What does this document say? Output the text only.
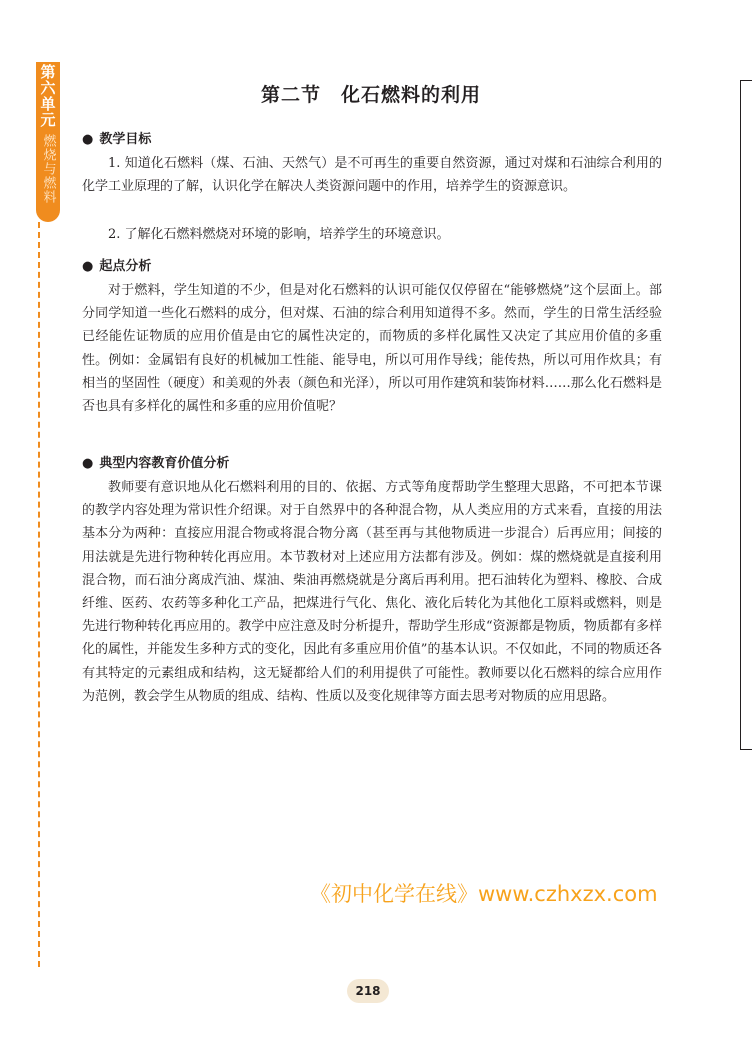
第六单元
燃烧与燃料
第二节　化石燃料的利用
● 教学目标

1. 知道化石燃料（煤、石油、天然气）是不可再生的重要自然资源，通过对煤和石油综合利用的化学工业原理的了解，认识化学在解决人类资源问题中的作用，培养学生的资源意识。

2. 了解化石燃料燃烧对环境的影响，培养学生的环境意识。

● 起点分析

对于燃料，学生知道的不少，但是对化石燃料的认识可能仅仅停留在“能够燃烧”这个层面上。部分同学知道一些化石燃料的成分，但对煤、石油的综合利用知道得不多。然而，学生的日常生活经验已经能佐证物质的应用价值是由它的属性决定的，而物质的多样化属性又决定了其应用价值的多重性。例如：金属铝有良好的机械加工性能、能导电，所以可用作导线；能传热，所以可用作炊具；有相当的坚固性（硬度）和美观的外表（颜色和光泽），所以可用作建筑和装饰材料……那么化石燃料是否也具有多样化的属性和多重的应用价值呢？

● 典型内容教育价值分析

教师要有意识地从化石燃料利用的目的、依据、方式等角度帮助学生整理大思路，不可把本节课的教学内容处理为常识性介绍课。对于自然界中的各种混合物，从人类应用的方式来看，直接的用法基本分为两种：直接应用混合物或将混合物分离（甚至再与其他物质进一步混合）后再应用；间接的用法就是先进行物种转化再应用。本节教材对上述应用方法都有涉及。例如：煤的燃烧就是直接利用混合物，而石油分离成汽油、煤油、柴油再燃烧就是分离后再利用。把石油转化为塑料、橡胶、合成纤维、医药、农药等多种化工产品，把煤进行气化、焦化、液化后转化为其他化工原料或燃料，则是先进行物种转化再应用的。教学中应注意及时分析提升，帮助学生形成“资源都是物质，物质都有多样化的属性，并能发生多种方式的变化，因此有多重应用价值”的基本认识。不仅如此，不同的物质还各有其特定的元素组成和结构，这无疑都给人们的利用提供了可能性。教师要以化石燃料的综合应用作为范例，教会学生从物质的组成、结构、性质以及变化规律等方面去思考对物质的应用思路。

《初中化学在线》www.czhxzx.com
218
